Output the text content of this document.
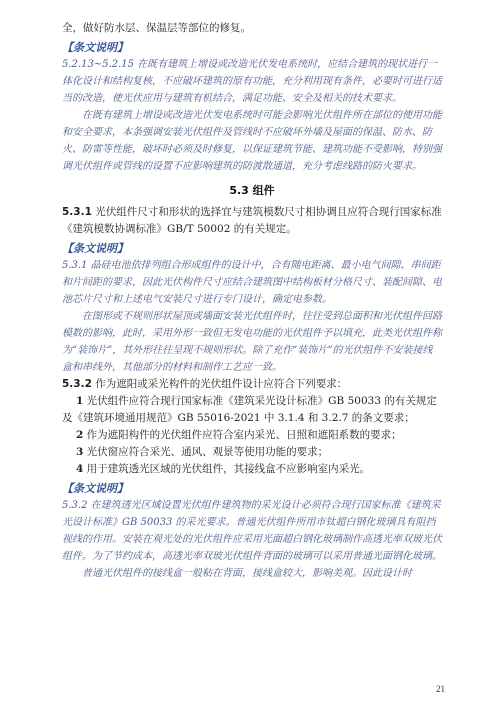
全，做好防水层、保温层等部位的修复。

【条文说明】

5.2.13~5.2.15 在既有建筑上增设或改造光伏发电系统时，应结合建筑的现状进行一体化设计和结构复核，不应破坏建筑的原有功能，充分利用现有条件，必要时可进行适当的改造，使光伏应用与建筑有机结合，满足功能、安全及相关的技术要求。

在既有建筑上增设或改造光伏发电系统时可能会影响光伏组件所在部位的使用功能和安全要求，本条强调安装光伏组件及管线时不应破坏外墙及屋面的保温、防水、防火、防雷等性能，破坏时必须及时修复，以保证建筑节能、建筑功能不受影响，特别强调光伏组件或管线的设置不应影响建筑的防渡散通道，充分考虑线路的防火要求。

5.3 组件

5.3.1 光伏组件尺寸和形状的选择宜与建筑模数尺寸相协调且应符合现行国家标准《建筑模数协调标准》GB/T 50002 的有关规定。

【条文说明】

5.3.1 晶硅电池依排列组合形成组件的设计中，合有随电距离、最小电气间隙、串间距和片间距的要求，因此光伏构件尺寸应结合建筑图中结构板材分格尺寸、装配间隙、电池芯片尺寸和上述电气安装尺寸进行专门设计，确定电参数。

在图形或不规则形状屋顶或墙面安装光伏组件时，往往受到总面积和光伏组件回路模数的影响，此时，采用外形一致但无发电功能的光伏组件予以填充，此类光伏组件称为“装饰片”，其外形往往呈现不规则形状。除了充作“装饰片”的光伏组件不安装接线盒和串线外，其他部分的材料和制作工艺应一致。

5.3.2 作为遮阳或采光构件的光伏组件设计应符合下列要求：

1 光伏组件应符合现行国家标准《建筑采光设计标准》GB 50033 的有关规定及《建筑环境通用规范》GB 55016-2021 中 3.1.4 和 3.2.7 的条文要求；

2 作为遮阳构件的光伏组件应符合室内采光、日照和遮阳系数的要求；

3 光伏窗应符合采光、通风、观景等使用功能的要求；

4 用于建筑透光区域的光伏组件，其接线盒不应影响室内采光。

【条文说明】

5.3.2 在建筑透光区域设置光伏组件建筑物的采光设计必须符合现行国家标准《建筑采光设计标准》GB 50033 的采光要求。普通光伏组件所用市钛超白钢化玻璃具有阻挡视线的作用。安装在观光处的光伏组件应采用光面超白钢化玻璃制作高透光率双玻光伏组件。为了节约成本，高透光率双玻光伏组件背面的玻璃可以采用普通光面钢化玻璃。

普通光伏组件的接线盒一般粘在背面，接线盒较大，影响美观。因此设计时

21
